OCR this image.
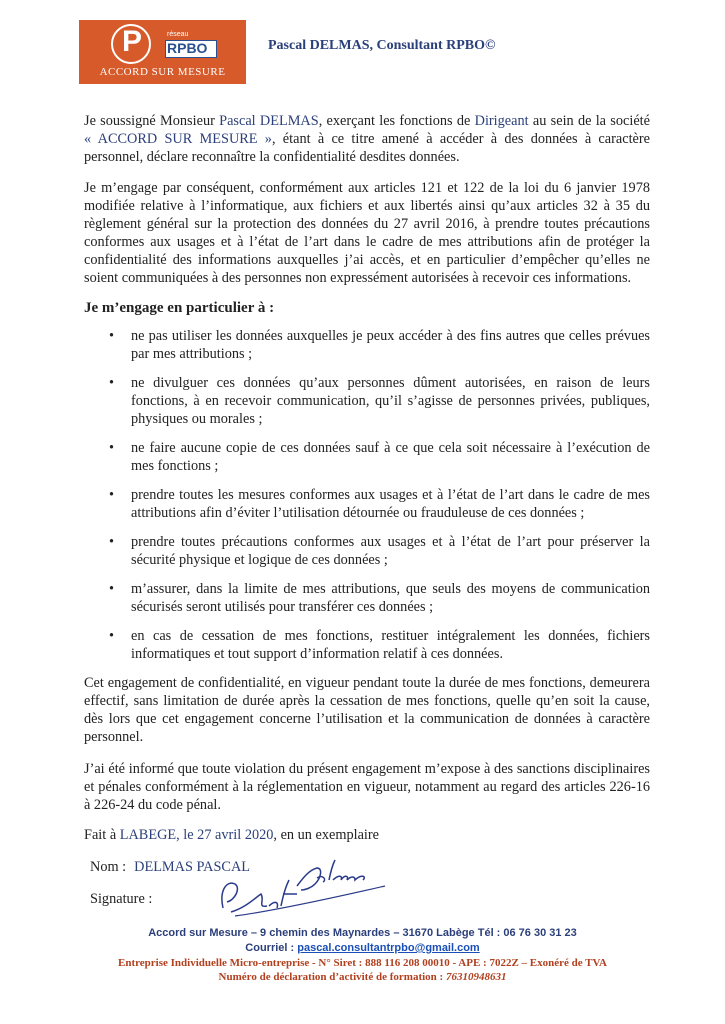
P	réseau
RPBO
ACCORD SUR MESURE
Pascal DELMAS, Consultant RPBO©

Je soussigné Monsieur Pascal DELMAS, exerçant les fonctions de Dirigeant au sein de la société « ACCORD SUR MESURE », étant à ce titre amené à accéder à des données à caractère personnel, déclare reconnaître la confidentialité desdites données.

Je m’engage par conséquent, conformément aux articles 121 et 122 de la loi du 6 janvier 1978 modifiée relative à l’informatique, aux fichiers et aux libertés ainsi qu’aux articles 32 à 35 du règlement général sur la protection des données du 27 avril 2016, à prendre toutes précautions conformes aux usages et à l’état de l’art dans le cadre de mes attributions afin de protéger la confidentialité des informations auxquelles j’ai accès, et en particulier d’empêcher qu’elles ne soient communiquées à des personnes non expressément autorisées à recevoir ces informations.

Je m’engage en particulier à :

• ne pas utiliser les données auxquelles je peux accéder à des fins autres que celles prévues par mes attributions ;
• ne divulguer ces données qu’aux personnes dûment autorisées, en raison de leurs fonctions, à en recevoir communication, qu’il s’agisse de personnes privées, publiques, physiques ou morales ;
• ne faire aucune copie de ces données sauf à ce que cela soit nécessaire à l’exécution de mes fonctions ;
• prendre toutes les mesures conformes aux usages et à l’état de l’art dans le cadre de mes attributions afin d’éviter l’utilisation détournée ou frauduleuse de ces données ;
• prendre toutes précautions conformes aux usages et à l’état de l’art pour préserver la sécurité physique et logique de ces données ;
• m’assurer, dans la limite de mes attributions, que seuls des moyens de communication sécurisés seront utilisés pour transférer ces données ;
• en cas de cessation de mes fonctions, restituer intégralement les données, fichiers informatiques et tout support d’information relatif à ces données.

Cet engagement de confidentialité, en vigueur pendant toute la durée de mes fonctions, demeurera effectif, sans limitation de durée après la cessation de mes fonctions, quelle qu’en soit la cause, dès lors que cet engagement concerne l’utilisation et la communication de données à caractère personnel.

J’ai été informé que toute violation du présent engagement m’expose à des sanctions disciplinaires et pénales conformément à la réglementation en vigueur, notamment au regard des articles 226-16 à 226-24 du code pénal.

Fait à LABEGE, le 27 avril 2020, en un exemplaire

Nom : DELMAS PASCAL

Signature :

Accord sur Mesure – 9 chemin des Maynardes – 31670 Labège Tél : 06 76 30 31 23
Courriel : pascal.consultantrpbo@gmail.com
Entreprise Individuelle Micro-entreprise - N° Siret : 888 116 208 00010 - APE : 7022Z – Exonéré de TVA
Numéro de déclaration d’activité de formation : 76310948631
